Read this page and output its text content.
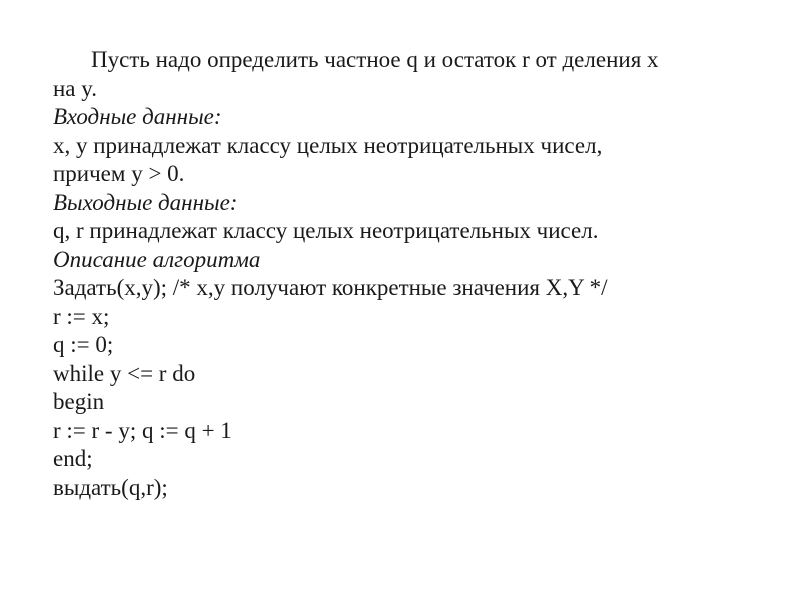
Пусть надо определить частное q и остаток r от деления x

на y.

Входные данные:

x, y принадлежат классу целых неотрицательных чисел,

причем y > 0.

Выходные данные:

q, r принадлежат классу целых неотрицательных чисел.

Описание алгоритма

Задать(x,y); /* x,y получают конкретные значения X,Y */

r := x;

q := 0;

while y <= r do

begin

r := r - y; q := q + 1

end;

выдать(q,r);
